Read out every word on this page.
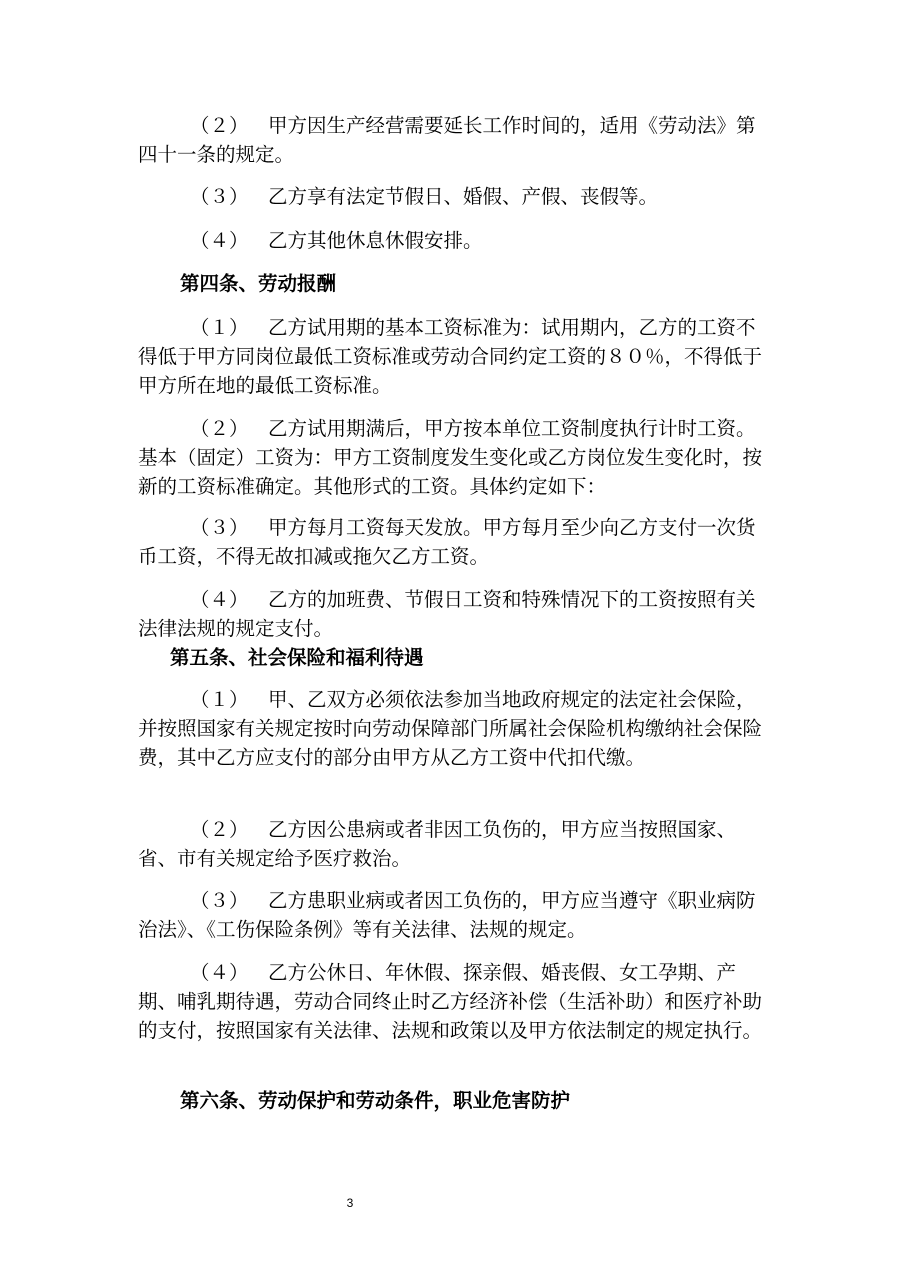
（２） 甲方因生产经营需要延长工作时间的，适用《劳动法》第四十一条的规定。

（３） 乙方享有法定节假日、婚假、产假、丧假等。

（４） 乙方其他休息休假安排。

第四条、劳动报酬

（１） 乙方试用期的基本工资标准为：试用期内，乙方的工资不得低于甲方同岗位最低工资标准或劳动合同约定工资的８０％，不得低于甲方所在地的最低工资标准。

（２） 乙方试用期满后，甲方按本单位工资制度执行计时工资。基本（固定）工资为：甲方工资制度发生变化或乙方岗位发生变化时，按新的工资标准确定。其他形式的工资。具体约定如下：

（３） 甲方每月工资每天发放。甲方每月至少向乙方支付一次货币工资，不得无故扣减或拖欠乙方工资。

（４） 乙方的加班费、节假日工资和特殊情况下的工资按照有关法律法规的规定支付。

第五条、社会保险和福利待遇

（１） 甲、乙双方必须依法参加当地政府规定的法定社会保险，并按照国家有关规定按时向劳动保障部门所属社会保险机构缴纳社会保险费，其中乙方应支付的部分由甲方从乙方工资中代扣代缴。

（２） 乙方因公患病或者非因工负伤的，甲方应当按照国家、省、市有关规定给予医疗救治。

（３） 乙方患职业病或者因工负伤的，甲方应当遵守《职业病防治法》、《工伤保险条例》等有关法律、法规的规定。

（４） 乙方公休日、年休假、探亲假、婚丧假、女工孕期、产期、哺乳期待遇，劳动合同终止时乙方经济补偿（生活补助）和医疗补助的支付，按照国家有关法律、法规和政策以及甲方依法制定的规定执行。

第六条、劳动保护和劳动条件，职业危害防护

3
